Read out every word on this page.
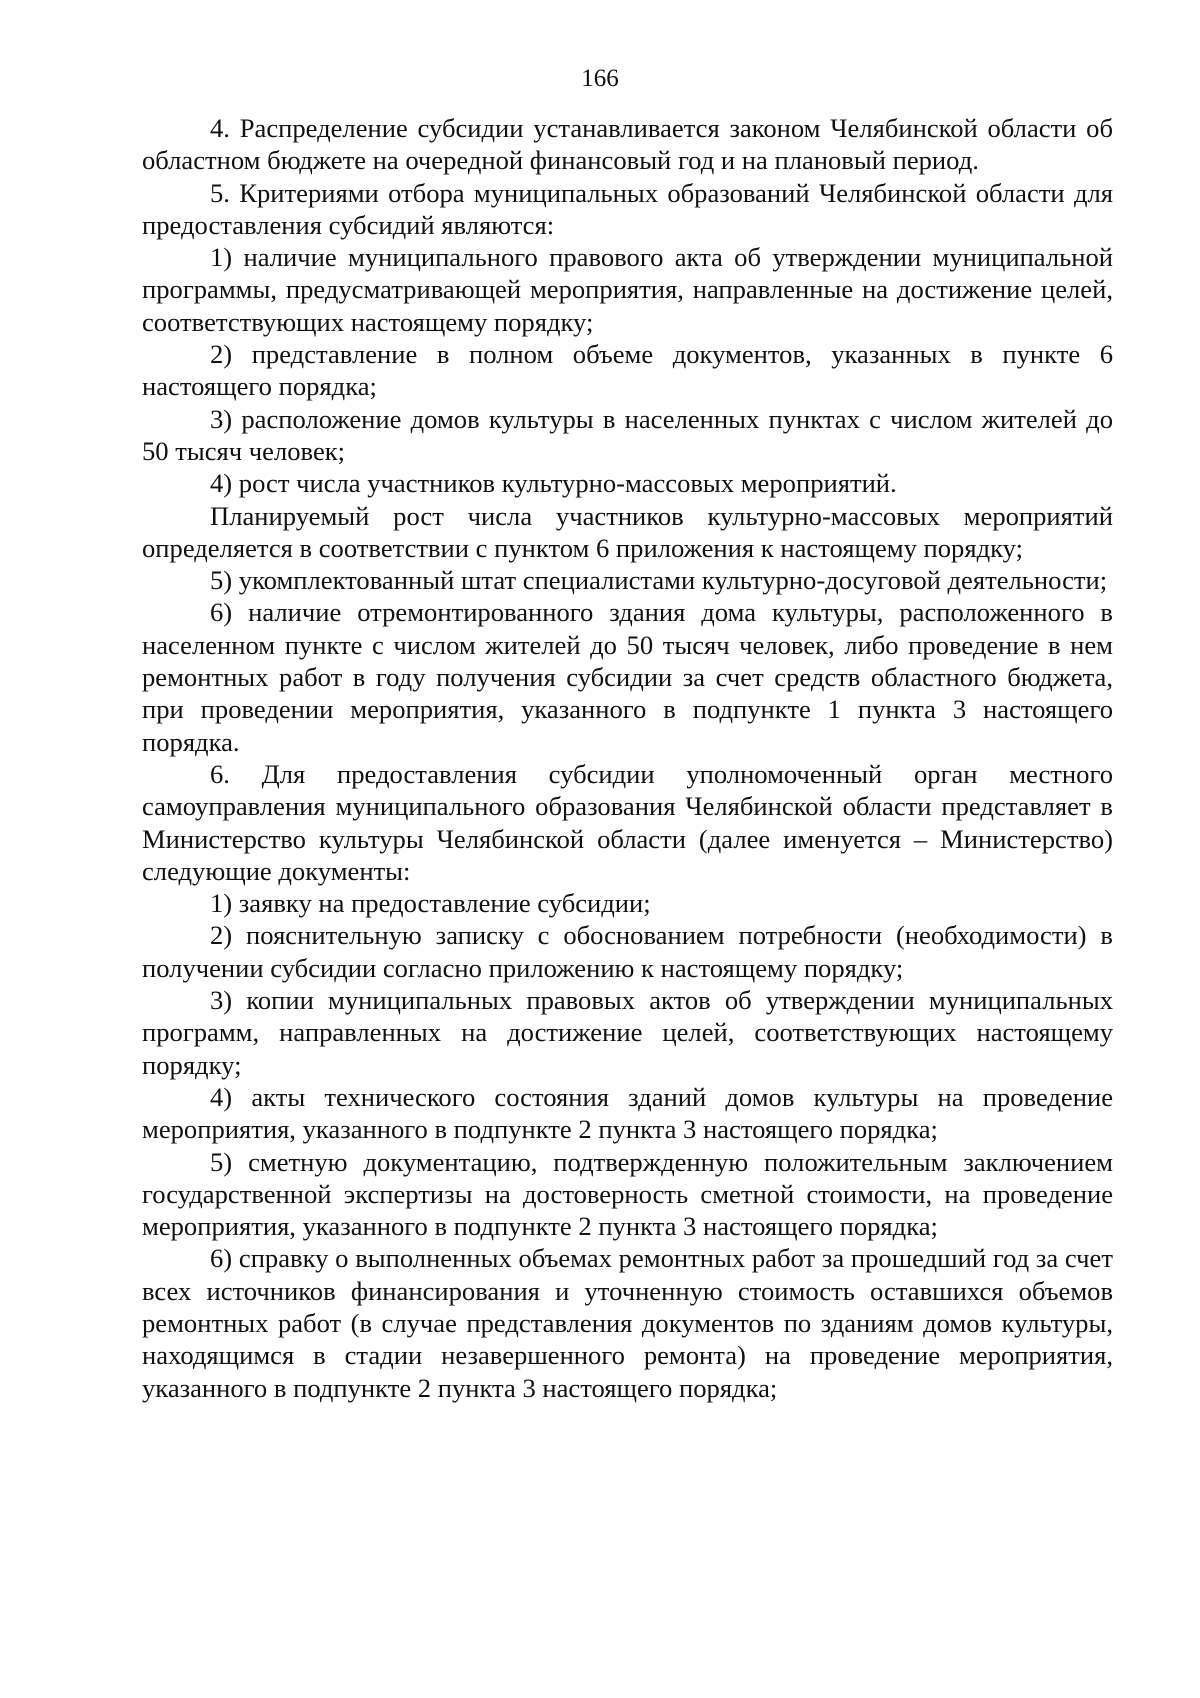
166

4. Распределение субсидии устанавливается законом Челябинской области об областном бюджете на очередной финансовый год и на плановый период.

5. Критериями отбора муниципальных образований Челябинской области для предоставления субсидий являются:

1) наличие муниципального правового акта об утверждении муниципальной программы, предусматривающей мероприятия, направленные на достижение целей, соответствующих настоящему порядку;

2) представление в полном объеме документов, указанных в пункте 6 настоящего порядка;

3) расположение домов культуры в населенных пунктах с числом жителей до 50 тысяч человек;

4) рост числа участников культурно-массовых мероприятий.

Планируемый рост числа участников культурно-массовых мероприятий определяется в соответствии с пунктом 6 приложения к настоящему порядку;

5) укомплектованный штат специалистами культурно-досуговой деятельности;

6) наличие отремонтированного здания дома культуры, расположенного в населенном пункте с числом жителей до 50 тысяч человек, либо проведение в нем ремонтных работ в году получения субсидии за счет средств областного бюджета, при проведении мероприятия, указанного в подпункте 1 пункта 3 настоящего порядка.

6. Для предоставления субсидии уполномоченный орган местного самоуправления муниципального образования Челябинской области представляет в Министерство культуры Челябинской области (далее именуется – Министерство) следующие документы:

1) заявку на предоставление субсидии;

2) пояснительную записку с обоснованием потребности (необходимости) в получении субсидии согласно приложению к настоящему порядку;

3) копии муниципальных правовых актов об утверждении муниципальных программ, направленных на достижение целей, соответствующих настоящему порядку;

4) акты технического состояния зданий домов культуры на проведение мероприятия, указанного в подпункте 2 пункта 3 настоящего порядка;

5) сметную документацию, подтвержденную положительным заключением государственной экспертизы на достоверность сметной стоимости, на проведение мероприятия, указанного в подпункте 2 пункта 3 настоящего порядка;

6) справку о выполненных объемах ремонтных работ за прошедший год за счет всех источников финансирования и уточненную стоимость оставшихся объемов ремонтных работ (в случае представления документов по зданиям домов культуры, находящимся в стадии незавершенного ремонта) на проведение мероприятия, указанного в подпункте 2 пункта 3 настоящего порядка;
